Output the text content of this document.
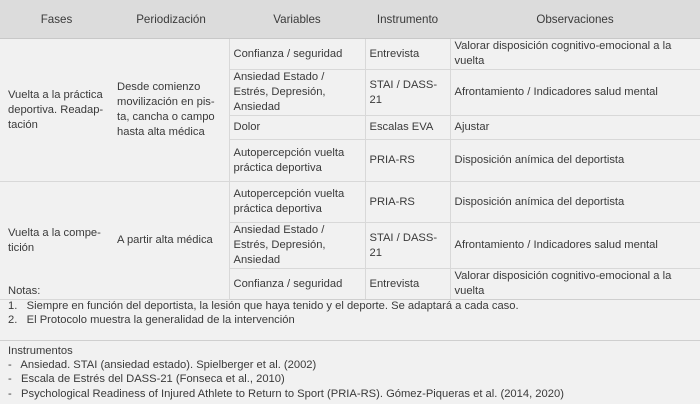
Fases	Periodización	Variables	Instrumento	Observaciones
Vuelta a la práctica deportiva. Readap-tación	Desde comienzo movilización en pis-ta, cancha o campo hasta alta médica	Confianza / seguridad	Entrevista	Valorar disposición cognitivo-emocional a la vuelta
		Ansiedad Estado / Estrés, Depresión, Ansiedad	STAI / DASS-21	Afrontamiento / Indicadores salud mental
		Dolor	Escalas EVA	Ajustar
		Autopercepción vuelta práctica deportiva	PRIA-RS	Disposición anímica del deportista
Vuelta a la compe-tición	A partir alta médica	Autopercepción vuelta práctica deportiva	PRIA-RS	Disposición anímica del deportista
		Ansiedad Estado / Estrés, Depresión, Ansiedad	STAI / DASS-21	Afrontamiento / Indicadores salud mental
		Confianza / seguridad	Entrevista	Valorar disposición cognitivo-emocional a la vuelta
Notas:
1.   Siempre en función del deportista, la lesión que haya tenido y el deporte. Se adaptará a cada caso.
2.   El Protocolo muestra la generalidad de la intervención
Instrumentos
-   Ansiedad. STAI (ansiedad estado). Spielberger et al. (2002)
-   Escala de Estrés del DASS-21 (Fonseca et al., 2010)
-   Psychological Readiness of Injured Athlete to Return to Sport (PRIA-RS). Gómez-Piqueras et al. (2014, 2020)
